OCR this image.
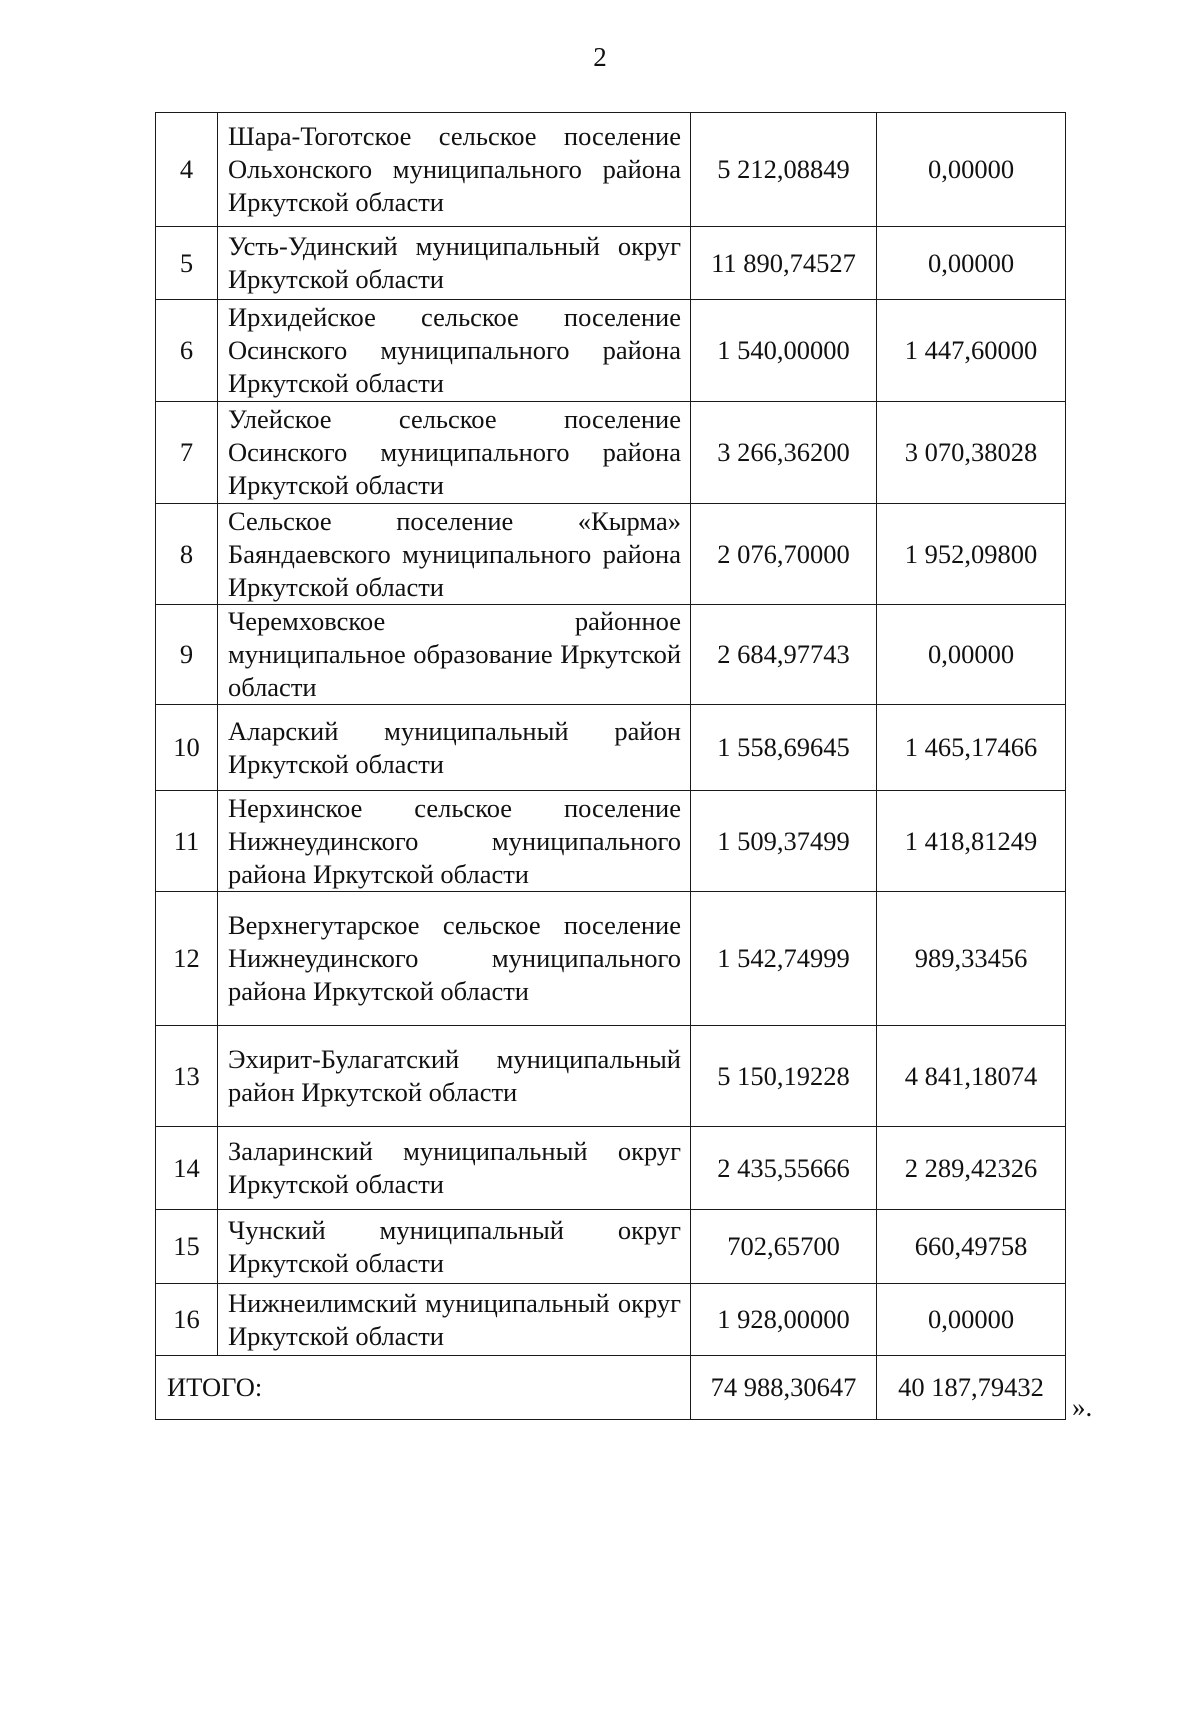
2
4	Шара-Тоготское сельское поселение Ольхонского муниципального района Иркутской области	5 212,08849	0,00000
5	Усть-Удинский муниципальный округ Иркутской области	11 890,74527	0,00000
6	Ирхидейское сельское поселение Осинского муниципального района Иркутской области	1 540,00000	1 447,60000
7	Улейское сельское поселение Осинского муниципального района Иркутской области	3 266,36200	3 070,38028
8	Сельское поселение «Кырма» Баяндаевского муниципального района Иркутской области	2 076,70000	1 952,09800
9	Черемховское районное муниципальное образование Иркутской области	2 684,97743	0,00000
10	Аларский муниципальный район Иркутской области	1 558,69645	1 465,17466
11	Нерхинское сельское поселение Нижнеудинского муниципального района Иркутской области	1 509,37499	1 418,81249
12	Верхнегутарское сельское поселение Нижнеудинского муниципального района Иркутской области	1 542,74999	989,33456
13	Эхирит-Булагатский муниципальный район Иркутской области	5 150,19228	4 841,18074
14	Заларинский муниципальный округ Иркутской области	2 435,55666	2 289,42326
15	Чунский муниципальный округ Иркутской области	702,65700	660,49758
16	Нижнеилимский муниципальный округ Иркутской области	1 928,00000	0,00000
ИТОГО:		74 988,30647	40 187,79432
».
